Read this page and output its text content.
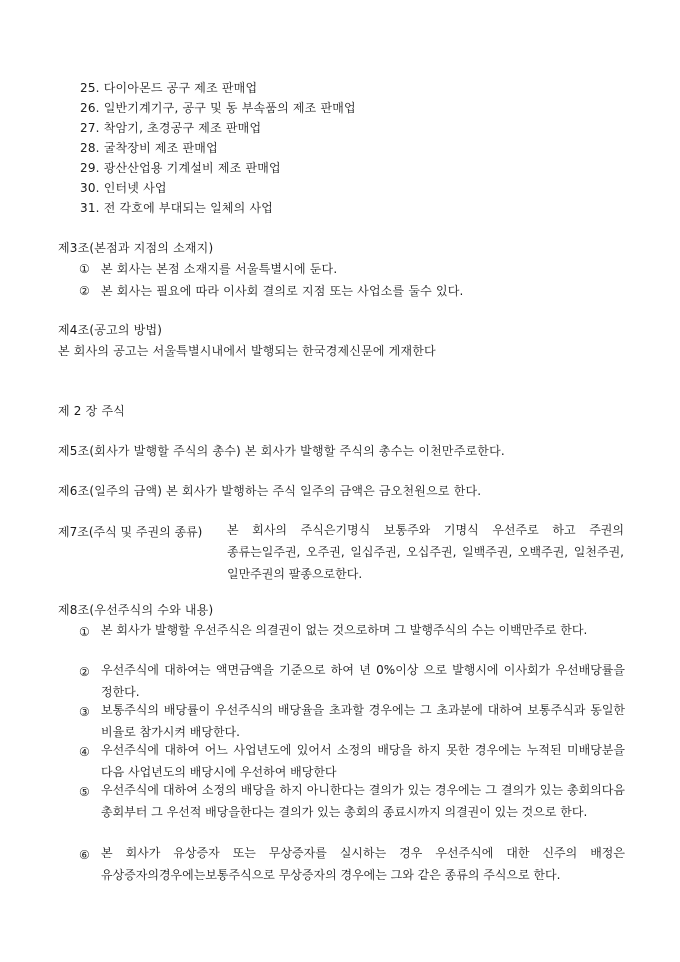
25. 다이아몬드 공구 제조 판매업
26. 일반기계기구, 공구 및 동 부속품의 제조 판매업
27. 착암기, 초경공구 제조 판매업
28. 굴착장비 제조 판매업
29. 광산산업용 기계설비 제조 판매업
30. 인터넷 사업
31. 전 각호에 부대되는 일체의 사업
제3조(본점과 지점의 소재지)
① 본 회사는 본점 소재지를 서울특별시에 둔다.
② 본 회사는 필요에 따라 이사회 결의로 지점 또는 사업소를 둘수 있다.
제4조(공고의 방법)
본 회사의 공고는 서울특별시내에서 발행되는 한국경제신문에 게재한다
제 2 장 주식
제5조(회사가 발행할 주식의 총수) 본 회사가 발행할 주식의 총수는 이천만주로한다.
제6조(일주의 금액) 본 회사가 발행하는 주식 일주의 금액은 금오천원으로 한다.
제7조(주식 및 주권의 종류) 본 회사의 주식은기명식 보통주와 기명식 우선주로 하고 주권의 종류는일주권, 오주권, 일십주권, 오십주권, 일백주권, 오백주권, 일천주권, 일만주권의 팔종으로한다.
제8조(우선주식의 수와 내용)
① 본 회사가 발행할 우선주식은 의결권이 없는 것으로하며 그 발행주식의 수는 이백만주로 한다.
② 우선주식에 대하여는 액면금액을 기준으로 하여 년 0%이상 으로 발행시에 이사회가 우선배당률을 정한다.
③ 보통주식의 배당률이 우선주식의 배당율을 초과할 경우에는 그 초과분에 대하여 보통주식과 동일한 비율로 참가시켜 배당한다.
④ 우선주식에 대하여 어느 사업년도에 있어서 소정의 배당을 하지 못한 경우에는 누적된 미배당분을 다음 사업년도의 배당시에 우선하여 배당한다
⑤ 우선주식에 대하여 소정의 배당을 하지 아니한다는 결의가 있는 경우에는 그 결의가 있는 총회의다음 총회부터 그 우선적 배당을한다는 결의가 있는 총회의 종료시까지 의결권이 있는 것으로 한다.
⑥ 본 회사가 유상증자 또는 무상증자를 실시하는 경우 우선주식에 대한 신주의 배정은 유상증자의경우에는보통주식으로 무상증자의 경우에는 그와 같은 종류의 주식으로 한다.
